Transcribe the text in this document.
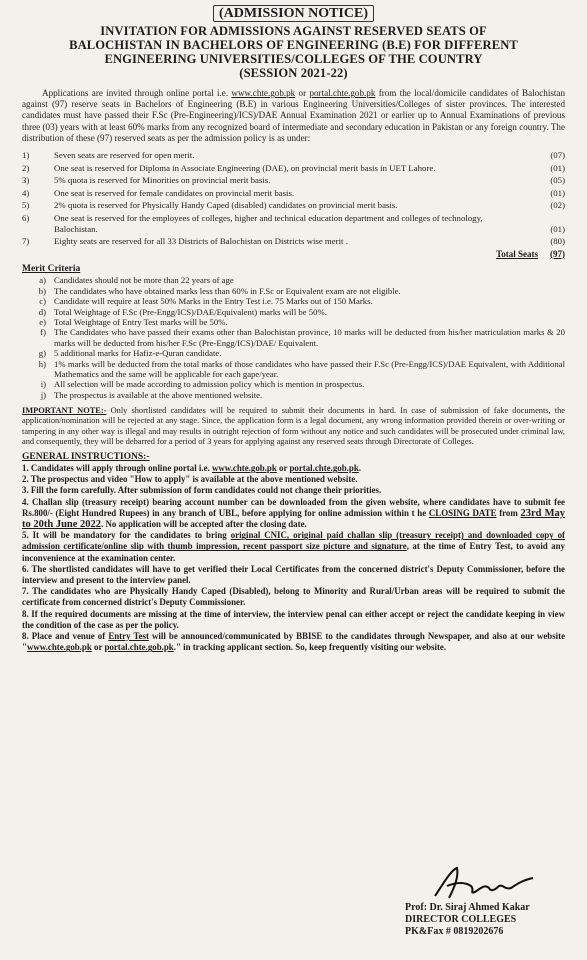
(ADMISSION NOTICE)
INVITATION FOR ADMISSIONS AGAINST RESERVED SEATS OF
BALOCHISTAN IN BACHELORS OF ENGINEERING (B.E) FOR DIFFERENT
ENGINEERING UNIVERSITIES/COLLEGES OF THE COUNTRY
(SESSION 2021-22)
Applications are invited through online portal i.e. www.chte.gob.pk or portal.chte.gob.pk from the local/domicile candidates of Balochistan against (97) reserve seats in Bachelors of Engineering (B.E) in various Engineering Universities/Colleges of sister provinces. The interested candidates must have passed their F.Sc (Pre-Engineering)/ICS)/DAE Annual Examination 2021 or earlier up to Annual Examinations of previous three (03) years with at least 60% marks from any recognized board of intermediate and secondary education in Pakistan or any foreign country. The distribution of these (97) reserved seats as per the admission policy is as under:
1)	Seven seats are reserved for open merit.	(07)
2)	One seat is reserved for Diploma in Associate Engineering (DAE), on provincial merit basis in UET Lahore.	(01)
3)	5% quota is reserved for Minorities on provincial merit basis.	(05)
4)	One seat is reserved for female candidates on provincial merit basis.	(01)
5)	2% quota is reserved for Physically Handy Caped (disabled) candidates on provincial merit basis.	(02)
6)	One seat is reserved for the employees of colleges, higher and technical education department and colleges of technology, Balochistan.	(01)
7)	Eighty seats are reserved for all 33 Districts of Balochistan on Districts wise merit .	(80)
Total Seats (97)
Merit Criteria
a) Candidates should not be more than 22 years of age
b) The candidates who have obtained marks less than 60% in F.Sc or Equivalent exam are not eligible.
c) Candidate will require at least 50% Marks in the Entry Test i.e. 75 Marks out of 150 Marks.
d) Total Weightage of F.Sc (Pre-Engg/ICS)/DAE/Equivalent) marks will be 50%.
e) Total Weightage of Entry Test marks will be 50%.
f) The Candidates who have passed their exams other than Balochistan province, 10 marks will be deducted from his/her matriculation marks & 20 marks will be deducted from his/her F.Sc (Pre-Engg/ICS)/DAE/ Equivalent.
g) 5 additional marks for Hafiz-e-Quran candidate.
h) 1% marks will be deducted from the total marks of those candidates who have passed their F.Sc (Pre-Engg/ICS)/DAE Equivalent, with Additional Mathematics and the same will be applicable for each gape/year.
i) All selection will be made according to admission policy which is mention in prospectus.
j) The prospectus is available at the above mentioned website.
IMPORTANT NOTE:- Only shortlisted candidates will be required to submit their documents in hard. In case of submission of fake documents, the application/nomination will be rejected at any stage. Since, the application form is a legal document, any wrong information provided therein or over-writing or tampering in any other way is illegal and may results in outright rejection of form without any notice and such candidates will be prosecuted under criminal law, and consequently, they will be debarred for a period of 3 years for applying against any reserved seats through Directorate of Colleges.
GENERAL INSTRUCTIONS:-
1. Candidates will apply through online portal i.e. www.chte.gob.pk or portal.chte.gob.pk.
2. The prospectus and video "How to apply" is available at the above mentioned website.
3. Fill the form carefully. After submission of form candidates could not change their priorities.
4. Challan slip (treasury receipt) bearing account number can be downloaded from the given website, where candidates have to submit fee Rs.800/- (Eight Hundred Rupees) in any branch of UBL, before applying for online admission within t he CLOSING DATE from 23rd May to 20th June 2022. No application will be accepted after the closing date.
5. It will be mandatory for the candidates to bring original CNIC, original paid challan slip (treasury receipt) and downloaded copy of admission certificate/online slip with thumb impression, recent passport size picture and signature, at the time of Entry Test, to avoid any inconvenience at the examination center.
6. The shortlisted candidates will have to get verified their Local Certificates from the concerned district's Deputy Commissioner, before the interview and present to the interview panel.
7. The candidates who are Physically Handy Caped (Disabled), belong to Minority and Rural/Urban areas will be required to submit the certificate from concerned district's Deputy Commissioner.
8. If the required documents are missing at the time of interview, the interview penal can either accept or reject the candidate keeping in view the condition of the case as per the policy.
8. Place and venue of Entry Test will be announced/communicated by BBISE to the candidates through Newspaper, and also at our website "www.chte.gob.pk or portal.chte.gob.pk." in tracking applicant section. So, keep frequently visiting our website.
Prof: Dr. Siraj Ahmed Kakar
DIRECTOR COLLEGES
PK&Fax # 0819202676
